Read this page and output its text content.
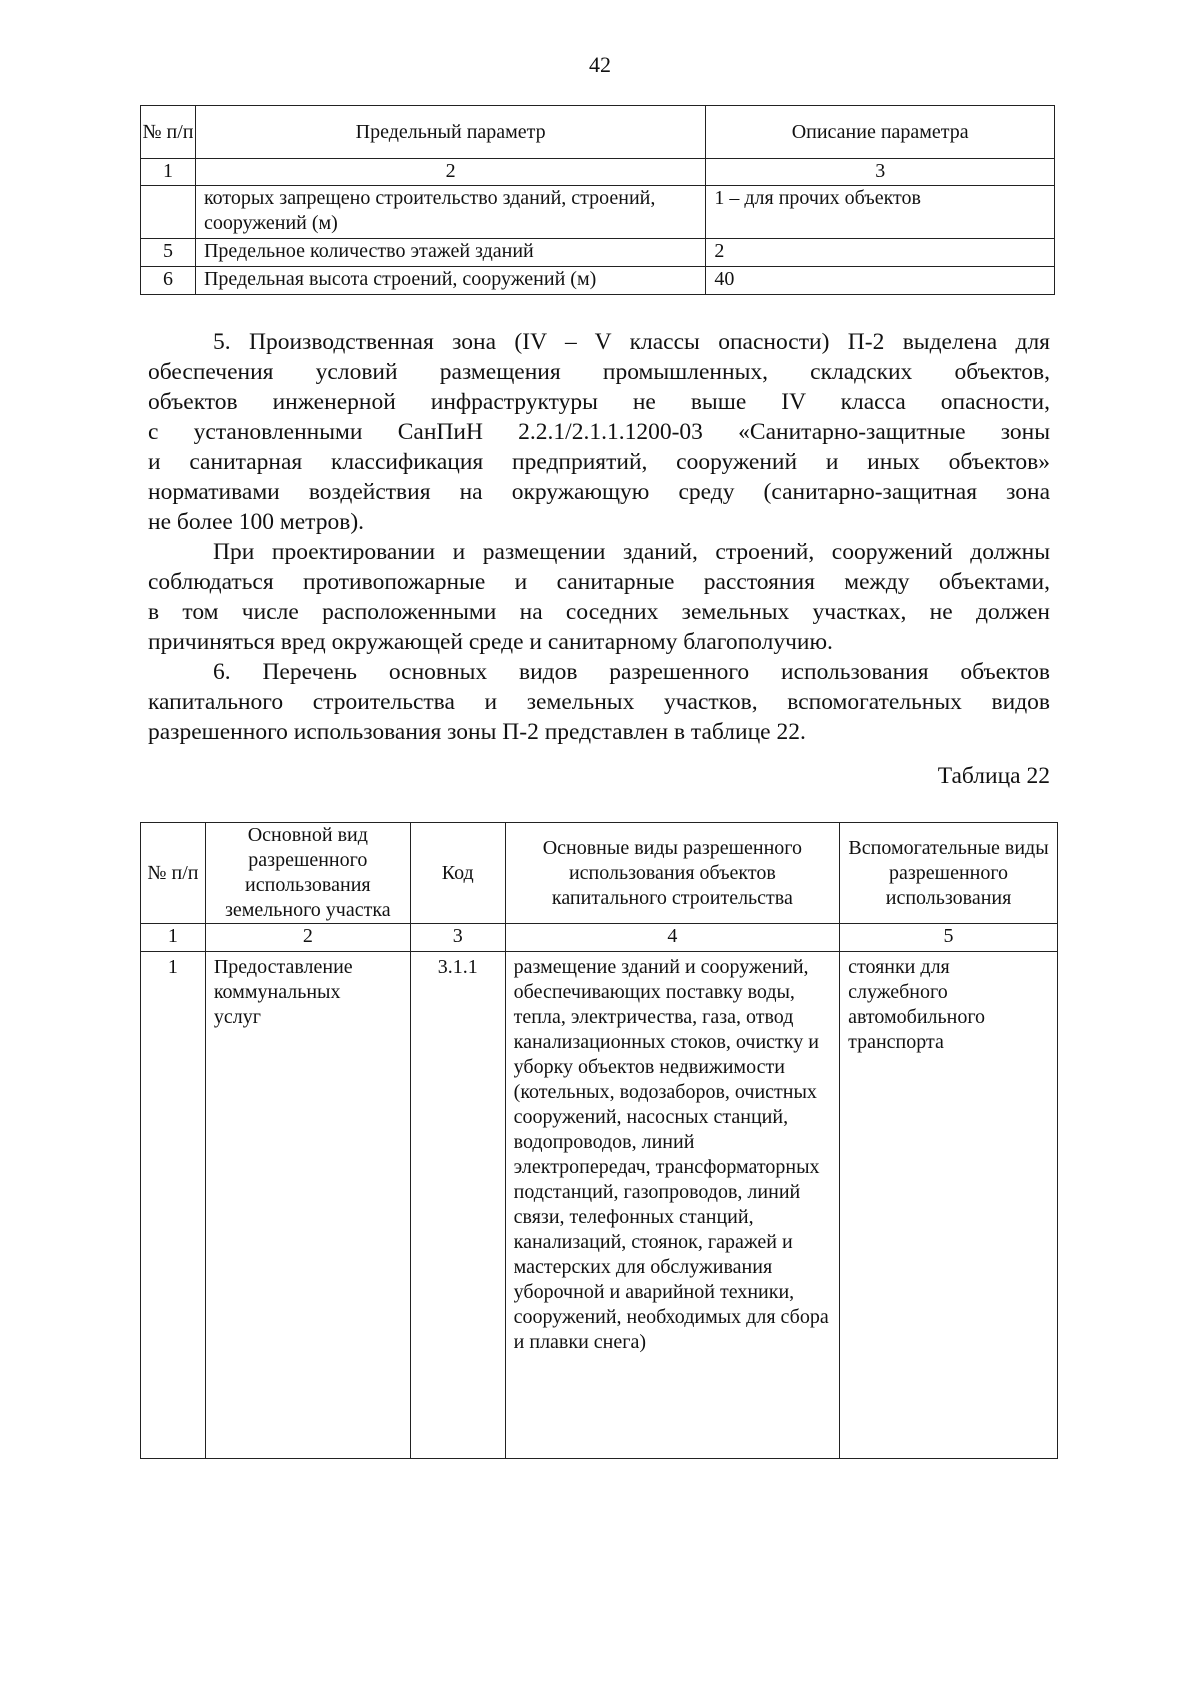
42
№ п/п	Предельный параметр	Описание параметра
1	2	3
	которых запрещено строительство зданий, строений, сооружений (м)	1 – для прочих объектов
5	Предельное количество этажей зданий	2
6	Предельная высота строений, сооружений (м)	40
5. Производственная зона (IV – V классы опасности) П-2 выделена для
обеспечения условий размещения промышленных, складских объектов,
объектов инженерной инфраструктуры не выше IV класса опасности,
с установленными СанПиН 2.2.1/2.1.1.1200-03 «Санитарно-защитные зоны
и санитарная классификация предприятий, сооружений и иных объектов»
нормативами воздействия на окружающую среду (санитарно-защитная зона
не более 100 метров).
При проектировании и размещении зданий, строений, сооружений должны
соблюдаться противопожарные и санитарные расстояния между объектами,
в том числе расположенными на соседних земельных участках, не должен
причиняться вред окружающей среде и санитарному благополучию.
6. Перечень основных видов разрешенного использования объектов
капитального строительства и земельных участков, вспомогательных видов
разрешенного использования зоны П-2 представлен в таблице 22.
Таблица 22
№ п/п	Основной вид разрешенного использования земельного участка	Код	Основные виды разрешенного использования объектов капитального строительства	Вспомогательные виды разрешенного использования
1	2	3	4	5
1	Предоставление коммунальных услуг	3.1.1	размещение зданий и сооружений, обеспечивающих поставку воды, тепла, электричества, газа, отвод канализационных стоков, очистку и уборку объектов недвижимости (котельных, водозаборов, очистных сооружений, насосных станций, водопроводов, линий электропередач, трансформаторных подстанций, газопроводов, линий связи, телефонных станций, канализаций, стоянок, гаражей и мастерских для обслуживания уборочной и аварийной техники, сооружений, необходимых для сбора и плавки снега)	стоянки для служебного автомобильного транспорта
